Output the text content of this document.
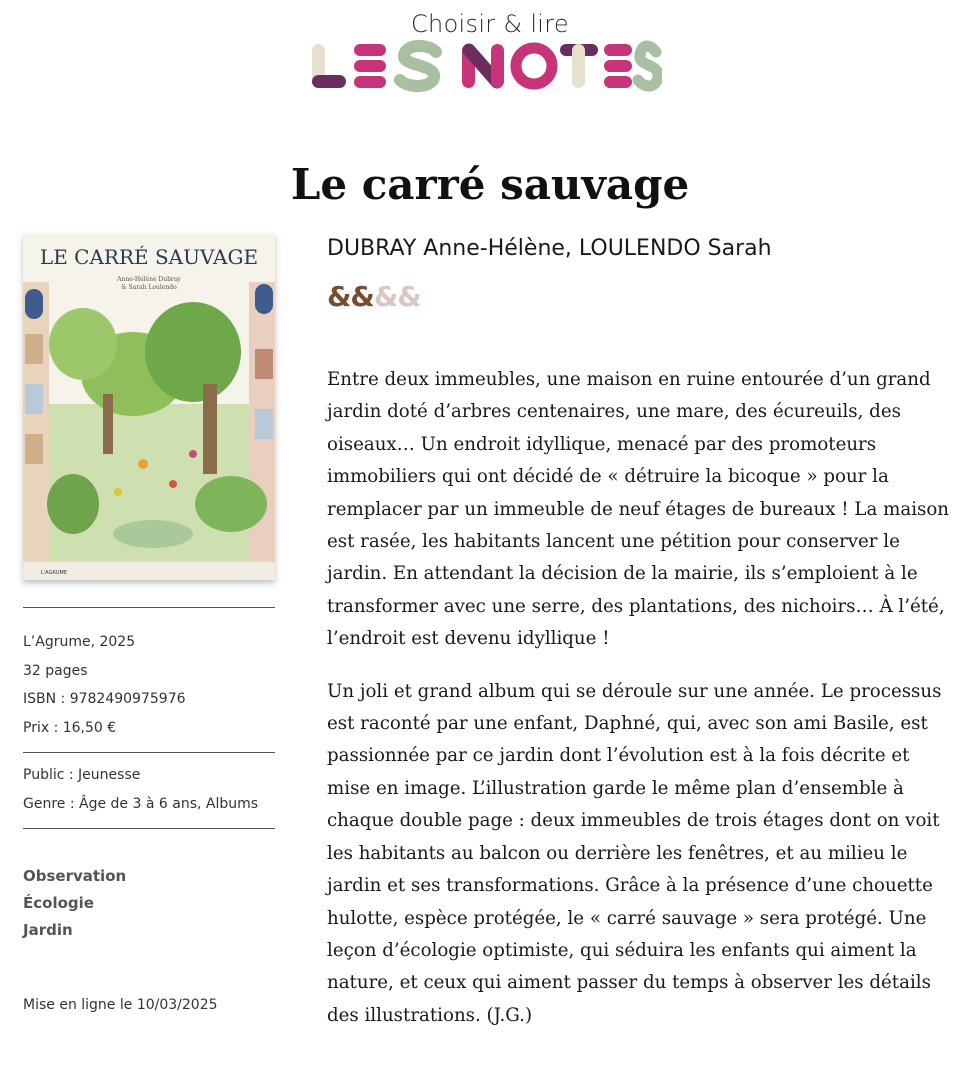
Choisir & lire
Le carré sauvage
LE CARRÉ SAUVAGE
Anne-Hélène Dubray
& Sarah Loulendo
L'AGRUME
L’Agrume, 2025
32 pages
ISBN : 9782490975976
Prix : 16,50 €
Public : Jeunesse
Genre : Âge de 3 à 6 ans, Albums
Observation
Écologie
Jardin
Mise en ligne le 10/03/2025
DUBRAY Anne-Hélène, LOULENDO Sarah
&&&&

Entre deux immeubles, une maison en ruine entourée d’un grand jardin doté d’arbres centenaires, une mare, des écureuils, des oiseaux… Un endroit idyllique, menacé par des promoteurs immobiliers qui ont décidé de « détruire la bicoque » pour la remplacer par un immeuble de neuf étages de bureaux ! La maison est rasée, les habitants lancent une pétition pour conserver le jardin. En attendant la décision de la mairie, ils s’emploient à le transformer avec une serre, des plantations, des nichoirs… À l’été, l’endroit est devenu idyllique !

Un joli et grand album qui se déroule sur une année. Le processus est raconté par une enfant, Daphné, qui, avec son ami Basile, est passionnée par ce jardin dont l’évolution est à la fois décrite et mise en image. L’illustration garde le même plan d’ensemble à chaque double page : deux immeubles de trois étages dont on voit les habitants au balcon ou derrière les fenêtres, et au milieu le jardin et ses transformations. Grâce à la présence d’une chouette hulotte, espèce protégée, le « carré sauvage » sera protégé. Une leçon d’écologie optimiste, qui séduira les enfants qui aiment la nature, et ceux qui aiment passer du temps à observer les détails des illustrations. (J.G.)
